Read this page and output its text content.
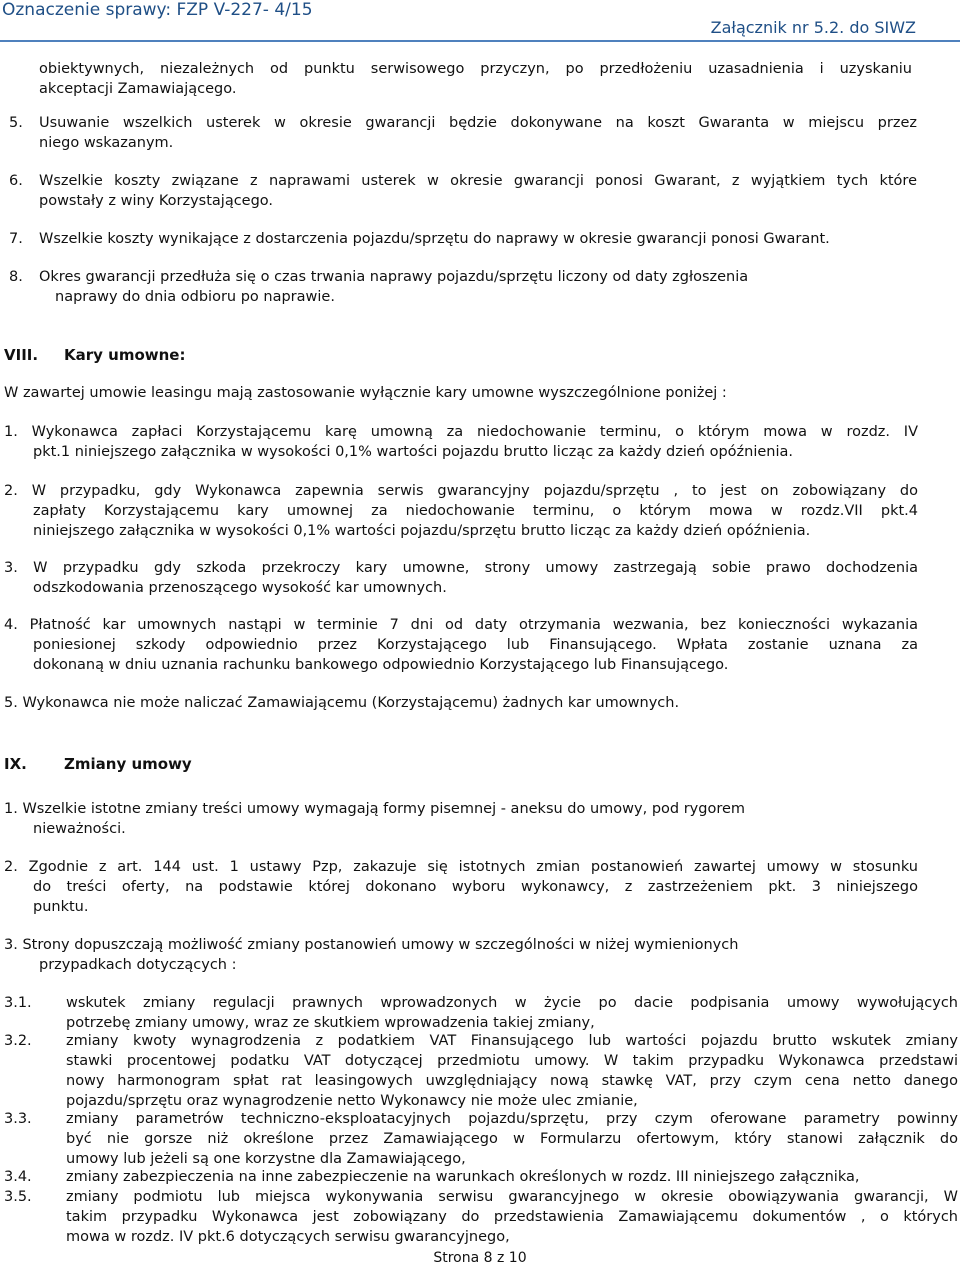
Oznaczenie sprawy: FZP V-227- 4/15
Załącznik nr 5.2. do SIWZ
obiektywnych, niezależnych od punktu serwisowego przyczyn, po przedłożeniu uzasadnienia i uzyskaniu
akceptacji Zamawiającego.
5. Usuwanie wszelkich usterek w okresie gwarancji będzie dokonywane na koszt Gwaranta w miejscu przez
niego wskazanym.
6. Wszelkie koszty związane z naprawami usterek w okresie gwarancji ponosi Gwarant, z wyjątkiem tych które
powstały z winy Korzystającego.
7. Wszelkie koszty wynikające z dostarczenia pojazdu/sprzętu do naprawy w okresie gwarancji ponosi Gwarant.
8. Okres gwarancji przedłuża się o czas trwania naprawy pojazdu/sprzętu liczony od daty zgłoszenia
naprawy do dnia odbioru po naprawie.
VIII. Kary umowne:
W zawartej umowie leasingu mają zastosowanie wyłącznie kary umowne wyszczególnione poniżej :
1. Wykonawca zapłaci Korzystającemu karę umowną za niedochowanie terminu, o którym mowa w rozdz. IV
pkt.1 niniejszego załącznika w wysokości 0,1% wartości pojazdu brutto licząc za każdy dzień opóźnienia.
2. W przypadku, gdy Wykonawca zapewnia serwis gwarancyjny pojazdu/sprzętu , to jest on zobowiązany do
zapłaty Korzystającemu kary umownej za niedochowanie terminu, o którym mowa w rozdz.VII pkt.4
niniejszego załącznika w wysokości 0,1% wartości pojazdu/sprzętu brutto licząc za każdy dzień opóźnienia.
3. W przypadku gdy szkoda przekroczy kary umowne, strony umowy zastrzegają sobie prawo dochodzenia
odszkodowania przenoszącego wysokość kar umownych.
4. Płatność kar umownych nastąpi w terminie 7 dni od daty otrzymania wezwania, bez konieczności wykazania
poniesionej szkody odpowiednio przez Korzystającego lub Finansującego. Wpłata zostanie uznana za
dokonaną w dniu uznania rachunku bankowego odpowiednio Korzystającego lub Finansującego.
5. Wykonawca nie może naliczać Zamawiającemu (Korzystającemu) żadnych kar umownych.
IX. Zmiany umowy
1. Wszelkie istotne zmiany treści umowy wymagają formy pisemnej - aneksu do umowy, pod rygorem
nieważności.
2. Zgodnie z art. 144 ust. 1 ustawy Pzp, zakazuje się istotnych zmian postanowień zawartej umowy w stosunku
do treści oferty, na podstawie której dokonano wyboru wykonawcy, z zastrzeżeniem pkt. 3 niniejszego
punktu.
3. Strony dopuszczają możliwość zmiany postanowień umowy w szczególności w niżej wymienionych
przypadkach dotyczących :
3.1. wskutek zmiany regulacji prawnych wprowadzonych w życie po dacie podpisania umowy wywołujących
potrzebę zmiany umowy, wraz ze skutkiem wprowadzenia takiej zmiany,
3.2. zmiany kwoty wynagrodzenia z podatkiem VAT Finansującego lub wartości pojazdu brutto wskutek zmiany
stawki procentowej podatku VAT dotyczącej przedmiotu umowy. W takim przypadku Wykonawca przedstawi
nowy harmonogram spłat rat leasingowych uwzględniający nową stawkę VAT, przy czym cena netto danego
pojazdu/sprzętu oraz wynagrodzenie netto Wykonawcy nie może ulec zmianie,
3.3. zmiany parametrów techniczno-eksploatacyjnych pojazdu/sprzętu, przy czym oferowane parametry powinny
być nie gorsze niż określone przez Zamawiającego w Formularzu ofertowym, który stanowi załącznik do
umowy lub jeżeli są one korzystne dla Zamawiającego,
3.4. zmiany zabezpieczenia na inne zabezpieczenie na warunkach określonych w rozdz. III niniejszego załącznika,
3.5. zmiany podmiotu lub miejsca wykonywania serwisu gwarancyjnego w okresie obowiązywania gwarancji, W
takim przypadku Wykonawca jest zobowiązany do przedstawienia Zamawiającemu dokumentów , o których
mowa w rozdz. IV pkt.6 dotyczących serwisu gwarancyjnego,
Strona 8 z 10
